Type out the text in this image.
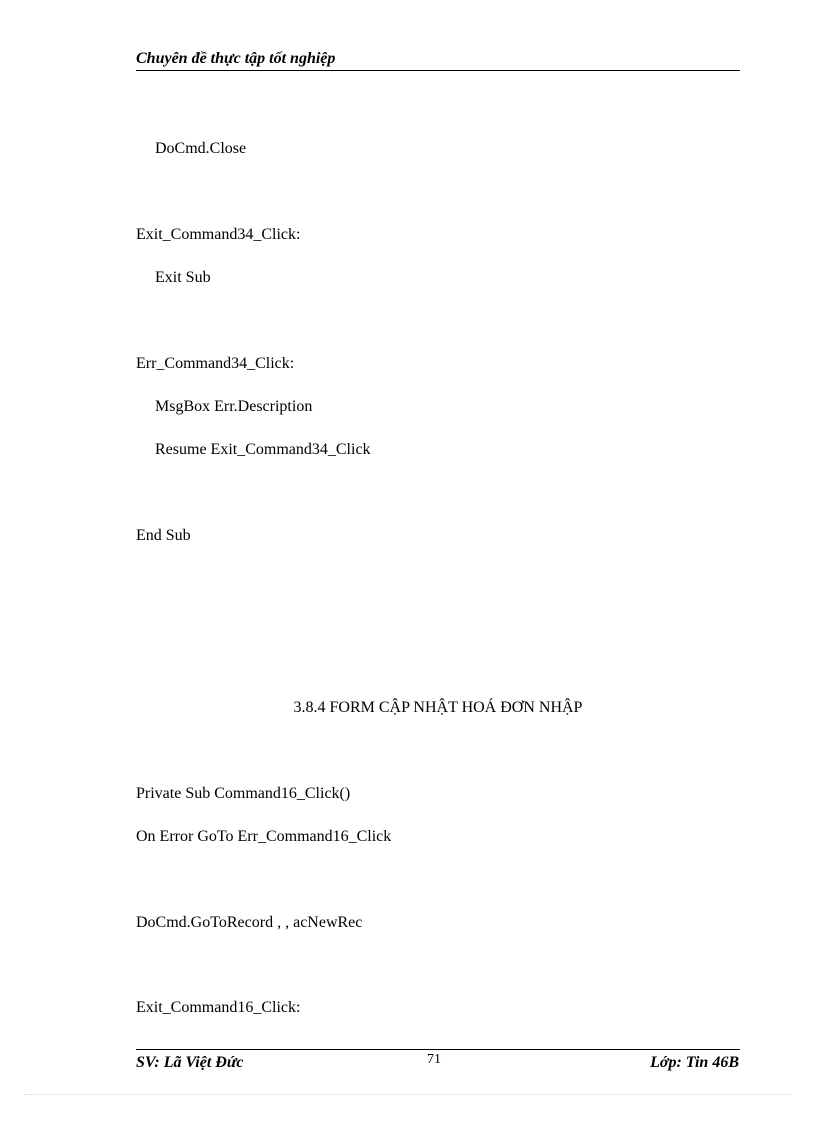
Chuyên đề thực tập tốt nghiệp
DoCmd.Close
Exit_Command34_Click:
Exit Sub
Err_Command34_Click:
MsgBox Err.Description
Resume Exit_Command34_Click
End Sub
3.8.4 FORM CẬP NHẬT HOÁ ĐƠN NHẬP
Private Sub Command16_Click()
On Error GoTo Err_Command16_Click
DoCmd.GoToRecord , , acNewRec
Exit_Command16_Click:
SV: Lã Việt Đức	71	Lớp: Tin 46B
